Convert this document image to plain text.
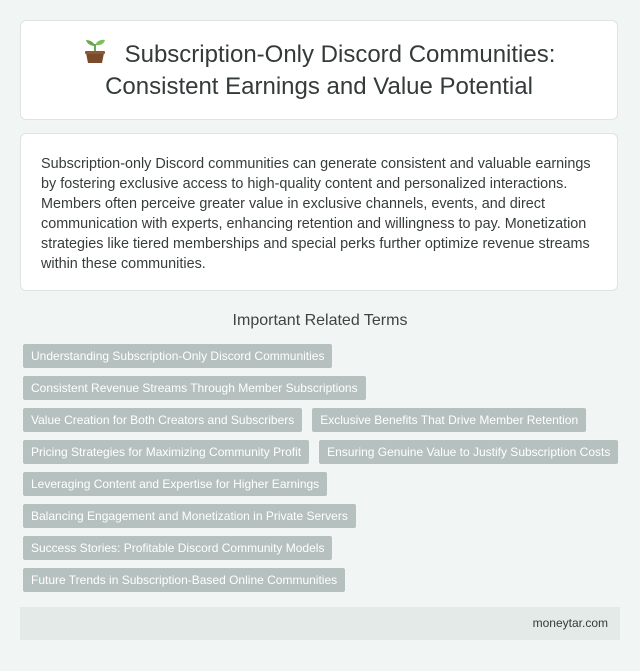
Subscription-Only Discord Communities:
Consistent Earnings and Value Potential

Subscription-only Discord communities can generate consistent and valuable earnings by fostering exclusive access to high-quality content and personalized interactions. Members often perceive greater value in exclusive channels, events, and direct communication with experts, enhancing retention and willingness to pay. Monetization strategies like tiered memberships and special perks further optimize revenue streams within these communities.

Important Related Terms
Understanding Subscription-Only Discord Communities
Consistent Revenue Streams Through Member Subscriptions
Value Creation for Both Creators and Subscribers	Exclusive Benefits That Drive Member Retention
Pricing Strategies for Maximizing Community Profit	Ensuring Genuine Value to Justify Subscription Costs
Leveraging Content and Expertise for Higher Earnings
Balancing Engagement and Monetization in Private Servers
Success Stories: Profitable Discord Community Models
Future Trends in Subscription-Based Online Communities
moneytar.com
